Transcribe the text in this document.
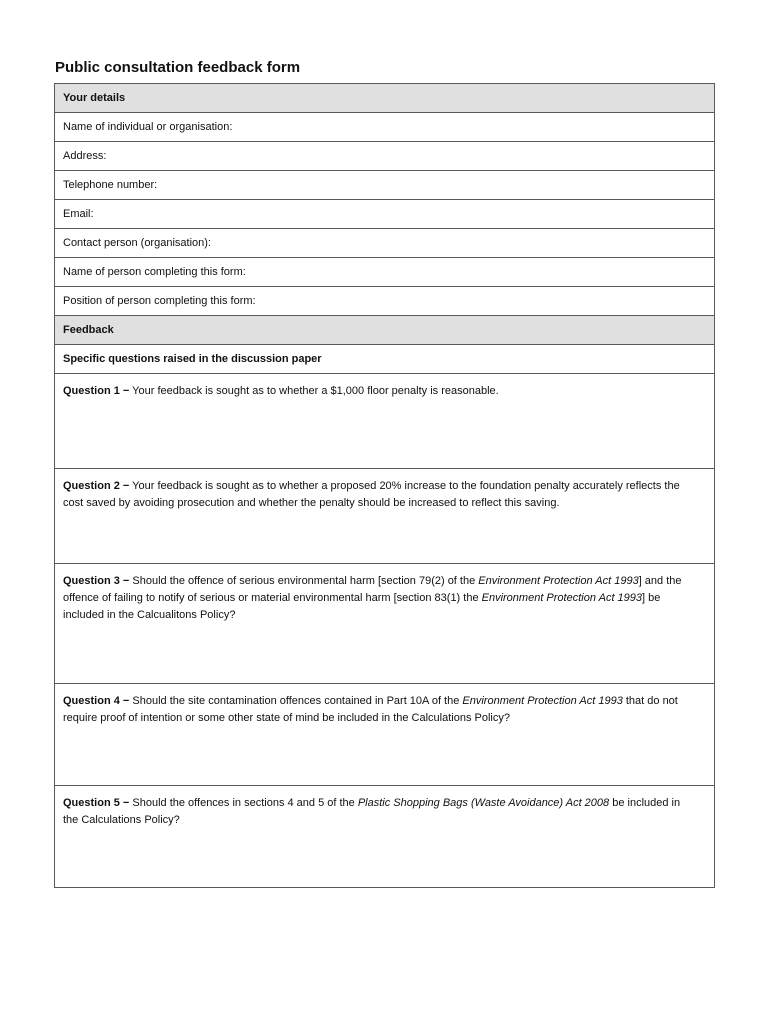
Public consultation feedback form
Your details
Name of individual or organisation:
Address:
Telephone number:
Email:
Contact person (organisation):
Name of person completing this form:
Position of person completing this form:
Feedback
Specific questions raised in the discussion paper
Question 1 − Your feedback is sought as to whether a $1,000 floor penalty is reasonable.
Question 2 − Your feedback is sought as to whether a proposed 20% increase to the foundation penalty accurately reflects the cost saved by avoiding prosecution and whether the penalty should be increased to reflect this saving.
Question 3 − Should the offence of serious environmental harm [section 79(2) of the Environment Protection Act 1993] and the offence of failing to notify of serious or material environmental harm [section 83(1) the Environment Protection Act 1993] be included in the Calcualitons Policy?
Question 4 − Should the site contamination offences contained in Part 10A of the Environment Protection Act 1993 that do not require proof of intention or some other state of mind be included in the Calculations Policy?
Question 5 − Should the offences in sections 4 and 5 of the Plastic Shopping Bags (Waste Avoidance) Act 2008 be included in the Calculations Policy?
